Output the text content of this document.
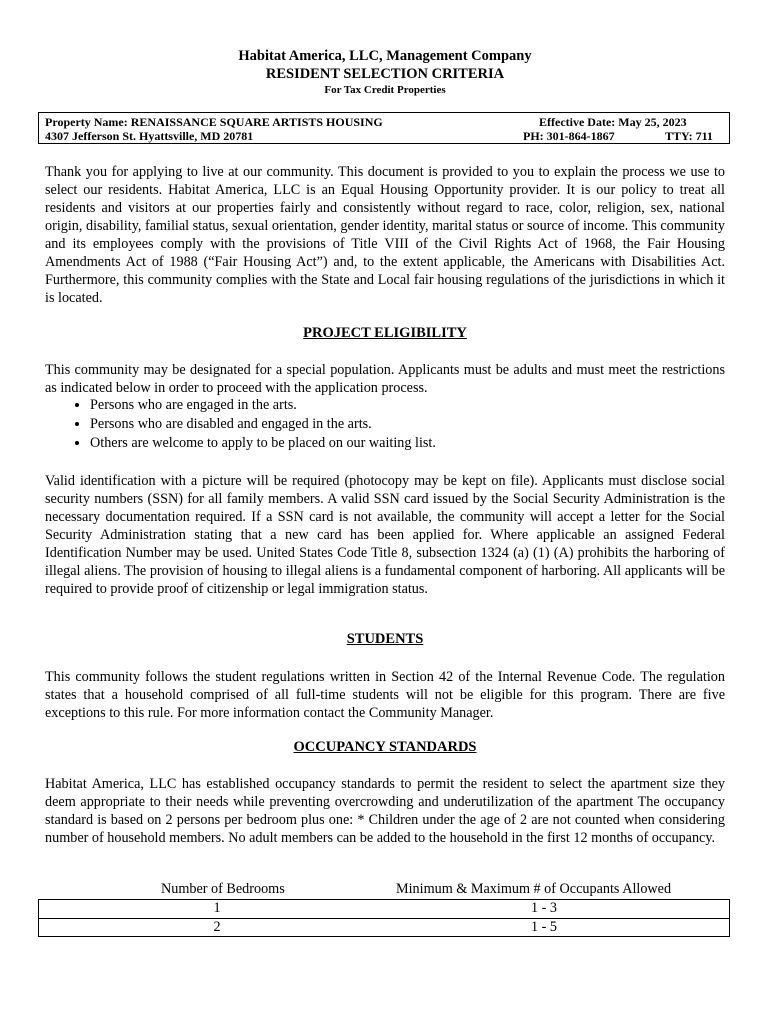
Habitat America, LLC, Management Company
RESIDENT SELECTION CRITERIA
For Tax Credit Properties
Property Name: RENAISSANCE SQUARE ARTISTS HOUSING
4307 Jefferson St. Hyattsville, MD 20781
Effective Date: May 25, 2023
PH: 301-864-1867	TTY: 711
Thank you for applying to live at our community. This document is provided to you to explain the process we use to select our residents. Habitat America, LLC is an Equal Housing Opportunity provider. It is our policy to treat all residents and visitors at our properties fairly and consistently without regard to race, color, religion, sex, national origin, disability, familial status, sexual orientation, gender identity, marital status or source of income. This community and its employees comply with the provisions of Title VIII of the Civil Rights Act of 1968, the Fair Housing Amendments Act of 1988 (“Fair Housing Act”) and, to the extent applicable, the Americans with Disabilities Act. Furthermore, this community complies with the State and Local fair housing regulations of the jurisdictions in which it is located.
PROJECT ELIGIBILITY
This community may be designated for a special population. Applicants must be adults and must meet the restrictions as indicated below in order to proceed with the application process.
• Persons who are engaged in the arts.
• Persons who are disabled and engaged in the arts.
• Others are welcome to apply to be placed on our waiting list.
Valid identification with a picture will be required (photocopy may be kept on file). Applicants must disclose social security numbers (SSN) for all family members. A valid SSN card issued by the Social Security Administration is the necessary documentation required. If a SSN card is not available, the community will accept a letter for the Social Security Administration stating that a new card has been applied for. Where applicable an assigned Federal Identification Number may be used. United States Code Title 8, subsection 1324 (a) (1) (A) prohibits the harboring of illegal aliens. The provision of housing to illegal aliens is a fundamental component of harboring. All applicants will be required to provide proof of citizenship or legal immigration status.
STUDENTS
This community follows the student regulations written in Section 42 of the Internal Revenue Code. The regulation states that a household comprised of all full-time students will not be eligible for this program. There are five exceptions to this rule. For more information contact the Community Manager.
OCCUPANCY STANDARDS
Habitat America, LLC has established occupancy standards to permit the resident to select the apartment size they deem appropriate to their needs while preventing overcrowding and underutilization of the apartment The occupancy standard is based on 2 persons per bedroom plus one: * Children under the age of 2 are not counted when considering number of household members. No adult members can be added to the household in the first 12 months of occupancy.
Number of Bedrooms	Minimum & Maximum # of Occupants Allowed
1	1 - 3
2	1 - 5
